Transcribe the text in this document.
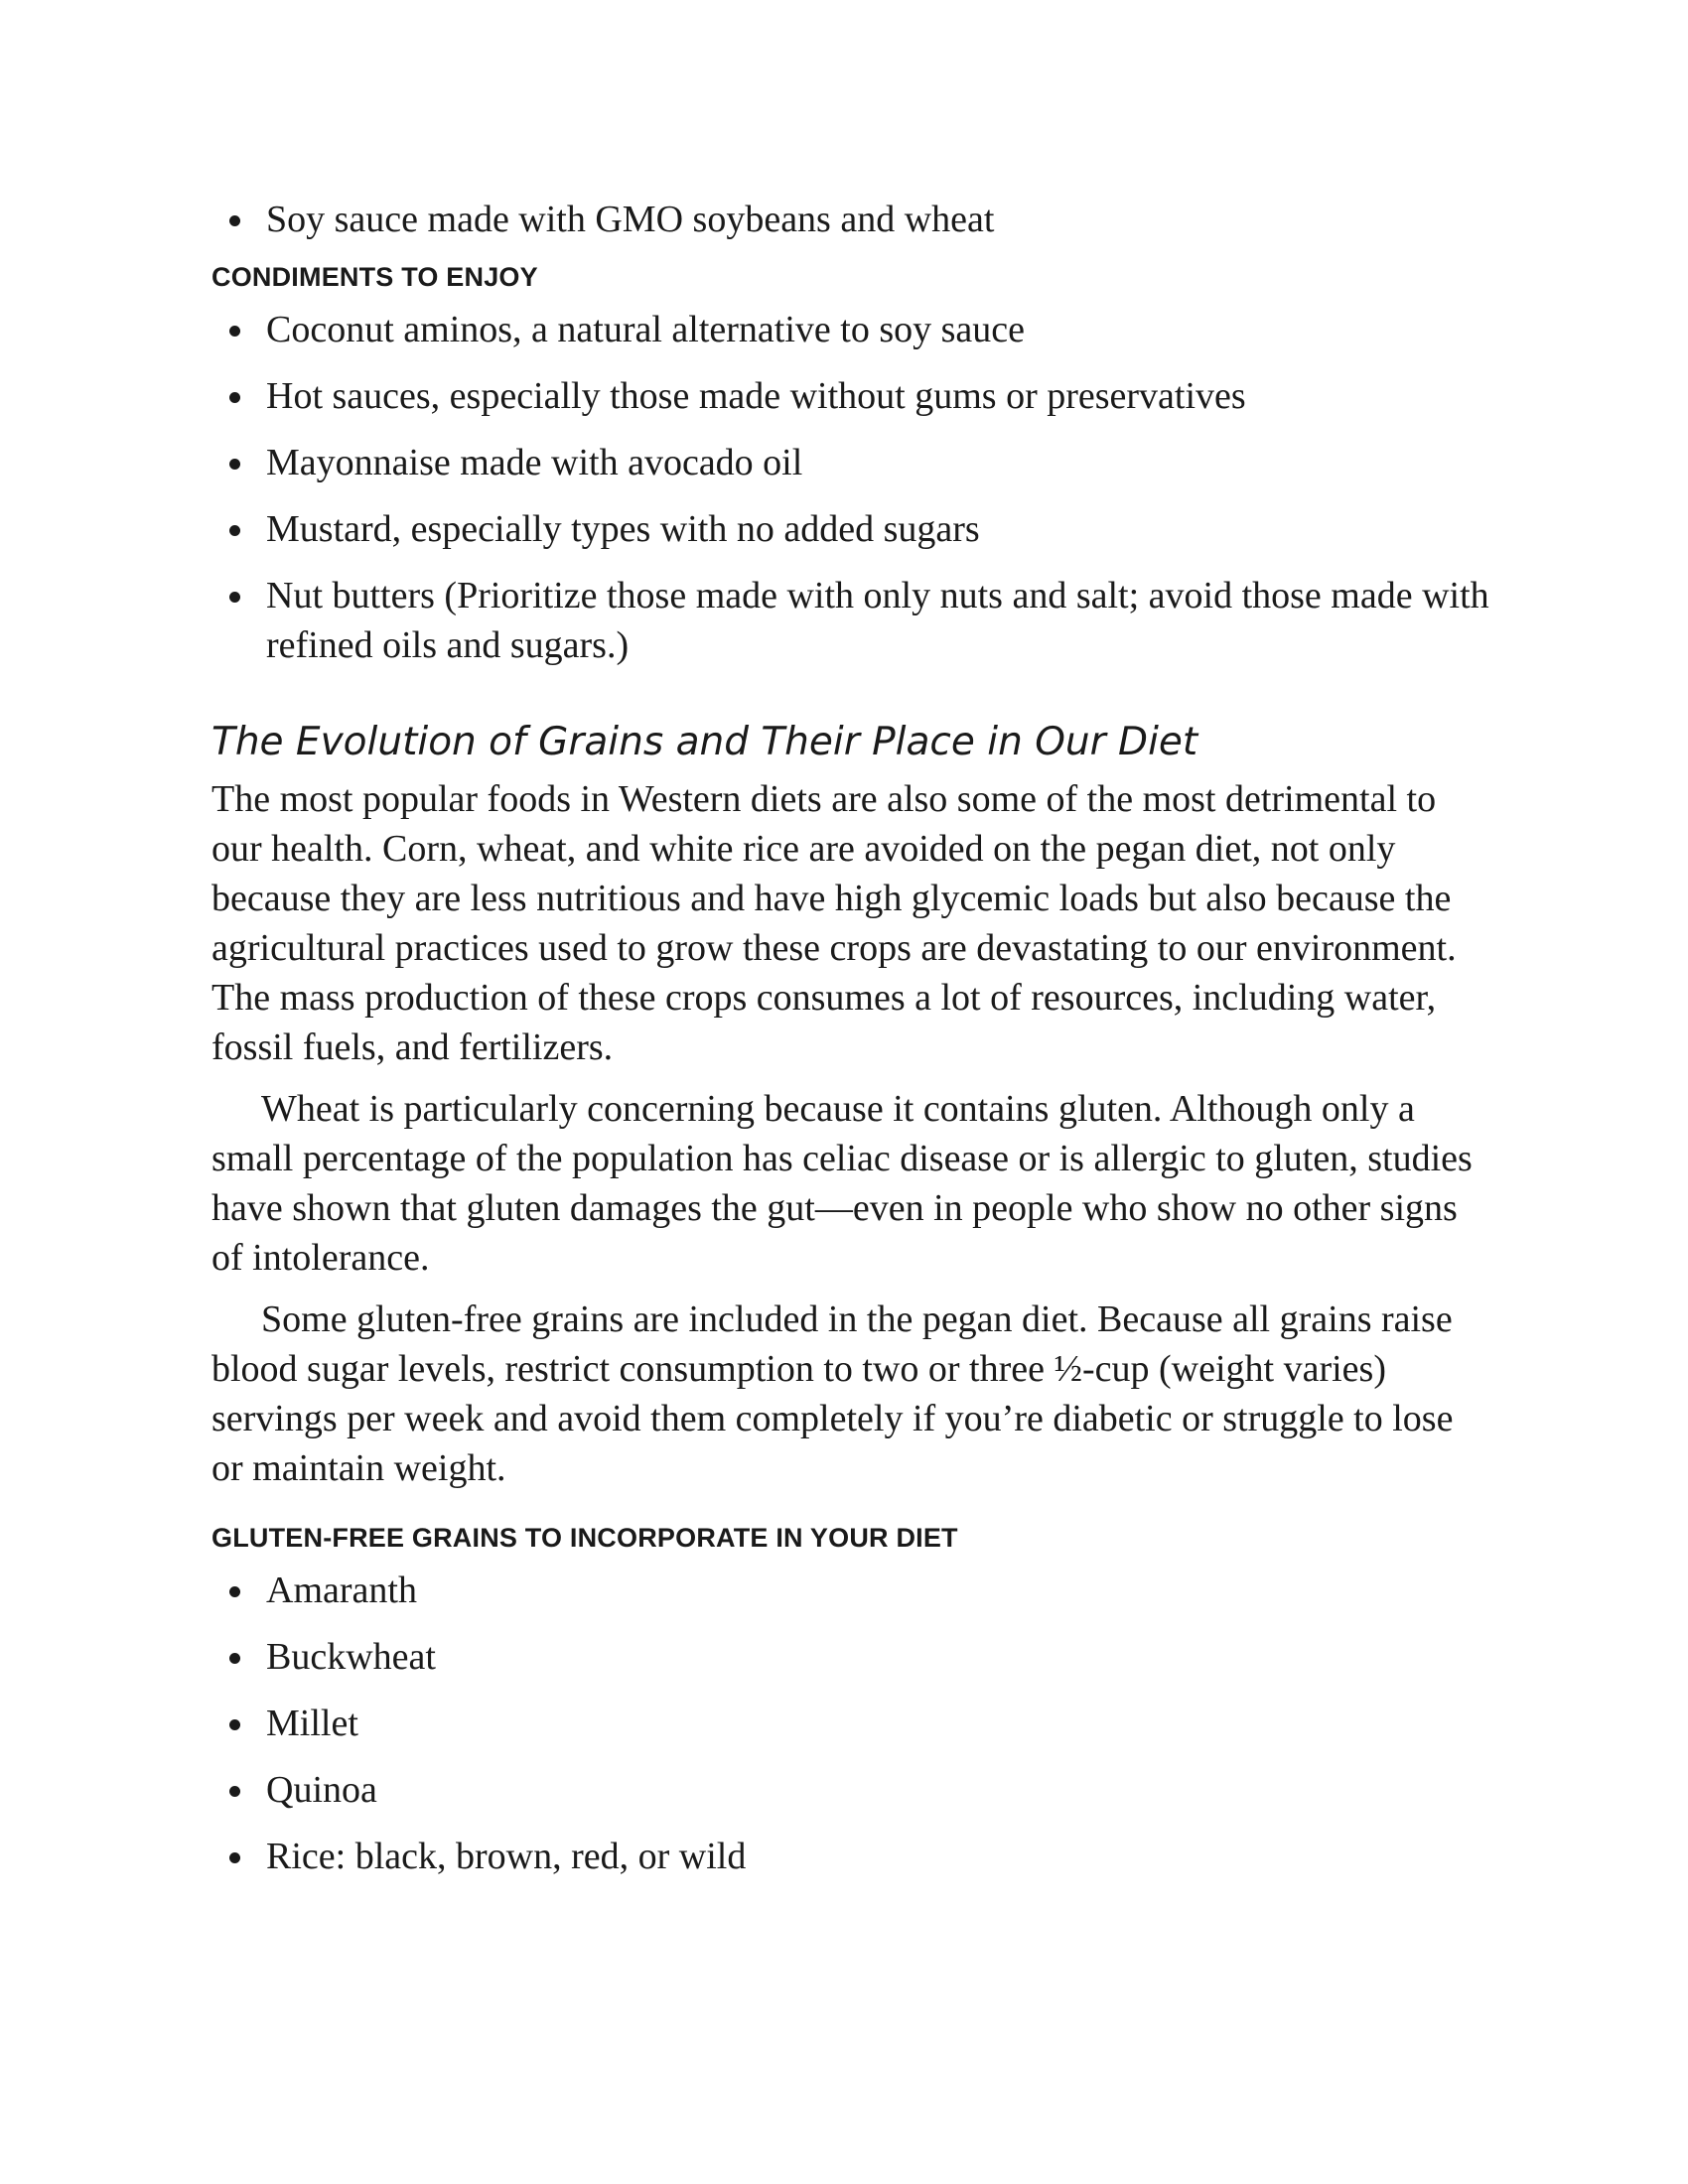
Soy sauce made with GMO soybeans and wheat
CONDIMENTS TO ENJOY
Coconut aminos, a natural alternative to soy sauce
Hot sauces, especially those made without gums or preservatives
Mayonnaise made with avocado oil
Mustard, especially types with no added sugars
Nut butters (Prioritize those made with only nuts and salt; avoid those made with refined oils and sugars.)
The Evolution of Grains and Their Place in Our Diet

The most popular foods in Western diets are also some of the most detrimental to our health. Corn, wheat, and white rice are avoided on the pegan diet, not only because they are less nutritious and have high glycemic loads but also because the agricultural practices used to grow these crops are devastating to our environment. The mass production of these crops consumes a lot of resources, including water, fossil fuels, and fertilizers.

Wheat is particularly concerning because it contains gluten. Although only a small percentage of the population has celiac disease or is allergic to gluten, studies have shown that gluten damages the gut—even in people who show no other signs of intolerance.

Some gluten-free grains are included in the pegan diet. Because all grains raise blood sugar levels, restrict consumption to two or three ½-cup (weight varies) servings per week and avoid them completely if you’re diabetic or struggle to lose or maintain weight.

GLUTEN-FREE GRAINS TO INCORPORATE IN YOUR DIET
Amaranth
Buckwheat
Millet
Quinoa
Rice: black, brown, red, or wild
